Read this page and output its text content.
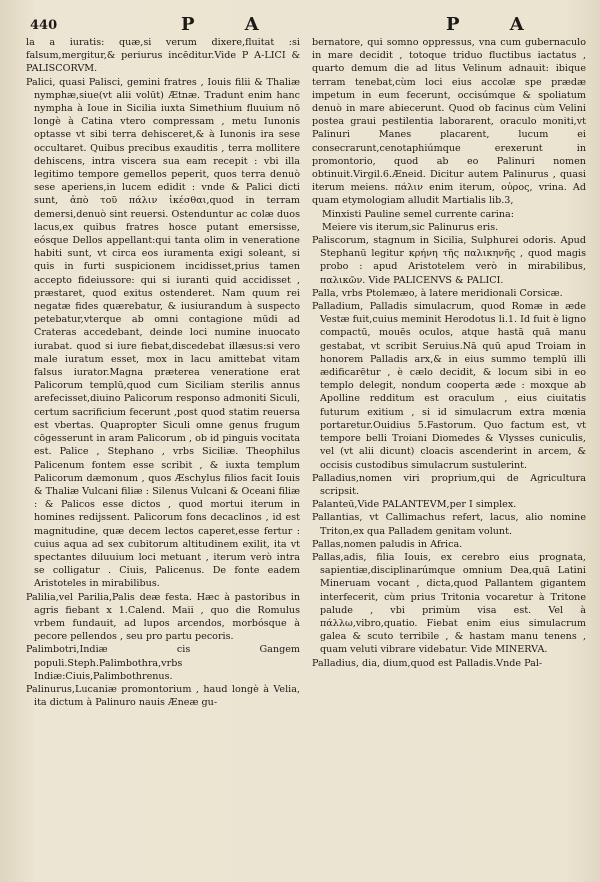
440	P A	P A

la a iuratis: quæ,si verum dixere,fluitat :si falsum,mergitur,& periurus incēditur.Vide P A-LICI & PALISCORVM.

Palici, quasi Palisci, gemini fratres , Iouis filii & Thaliæ nymphæ,siue(vt alii volūt) Ætnæ. Tradunt enim hanc nympha à Ioue in Sicilia iuxta Simethium fluuium nō longè à Catina vtero compressam , metu Iunonis optasse vt sibi terra dehisceret,& à Iunonis ira sese occultaret. Quibus precibus exauditis , terra mollitere dehiscens, intra viscera sua eam recepit : vbi illa legitimo tempore gemellos peperit, quos terra denuò sese aperiens,in lucem edidit : vnde & Palici dicti sunt, ἀπὸ τοῦ πάλιν ἱκέσθαι,quod in terram demersi,denuò sint reuersi. Ostenduntur ac colæ duos lacus,ex quibus fratres hosce putant emersisse, eósque Dellos appellant:qui tanta olim in veneratione habiti sunt, vt circa eos iuramenta exigi soleant, si quis in furti suspicionem incidisset,prius tamen accepto fideiussore: qui si iuranti quid accidisset , præstaret, quod exitus ostenderet. Nam quum rei negatæ fides quærebatur, & iusiurandum à suspecto petebatur,vterque ab omni contagione mūdi ad Crateras accedebant, deinde loci numine inuocato iurabat. quod si iure fiebat,discedebat illæsus:si vero male iuratum esset, mox in lacu amittebat vitam falsus iurator.Magna præterea veneratione erat Palicorum templū,quod cum Siciliam sterilis annus arefecisset,diuino Palicorum responso admoniti Siculi, certum sacrificium fecerunt ,post quod statim reuersa est vbertas. Quapropter Siculi omne genus frugum cōgesserunt in aram Palicorum , ob id pinguis vocitata est. Palice , Stephano , vrbs Siciliæ. Theophilus Palicenum fontem esse scribit , & iuxta templum Palicorum dæmonum , quos Æschylus filios facit Iouis & Thaliæ Vulcani filiæ : Silenus Vulcani & Oceani filiæ : & Palicos esse dictos , quod mortui iterum in homines redijssent. Palicorum fons decaclinos , id est magnitudine, quæ decem lectos caperet,esse fertur : cuius aqua ad sex cubitorum altitudinem exilit, ita vt spectantes diluuium loci metuant , iterum verò intra se colligatur . Ciuis, Palicenus. De fonte eadem Aristoteles in mirabilibus.

Palilia,vel Parilia,Palis deæ festa. Hæc à pastoribus in agris fiebant x 1.Calend. Maii , quo die Romulus vrbem fundauit, ad lupos arcendos, morbósque à pecore pellendos , seu pro partu pecoris.

Palimbotri,Indiæ cis Gangem populi.Steph.Palimbothra,vrbs Indiæ:Ciuis,Palimbothrenus.

Palinurus,Lucaniæ promontorium , haud longè à Velia, ita dictum à Palinuro nauis Æneæ gu-

bernatore, qui somno oppressus, vna cum gubernaculo in mare decidit , totoque triduo fluctibus iactatus , quarto demum die ad litus Velinum adnauit: ibique terram tenebat,cùm loci eius accolæ spe prædæ impetum in eum fecerunt, occisúmque & spoliatum denuò in mare abiecerunt. Quod ob facinus cùm Velini postea graui pestilentia laborarent, oraculo moniti,vt Palinuri Manes placarent, lucum ei consecrarunt,cenotaphiúmque erexerunt in promontorio, quod ab eo Palinuri nomen obtinuit.Virgil.6.Æneid. Dicitur autem Palinurus , quasi iterum meiens. πάλιν enim iterum, οὐρος, vrina. Ad quam etymologiam alludit Martialis lib.3,

Minxisti Pauline semel currente carina:

Meiere vis iterum,sic Palinurus eris.

Paliscorum, stagnum in Sicilia, Sulphurei odoris. Apud Stephanū legitur κρήνη τῆς παλικηνῆς , quod magis probo : apud Aristotelem verò in mirabilibus, παλικῶν. Vide PALICENVS & PALICI.

Palla, vrbs Ptolemæo, à latere meridionali Corsicæ.

Palladium, Palladis simulacrum, quod Romæ in æde Vestæ fuit,cuius meminit Herodotus li.1. Id fuit è ligno compactū, mouēs oculos, atque hastā quā manu gestabat, vt scribit Seruius.Nā quū apud Troiam in honorem Palladis arx,& in eius summo templū illi ædificarētur , è cælo decidit, & locum sibi in eo templo delegit, nondum cooperta æde : moxque ab Apolline redditum est oraculum , eius ciuitatis futurum exitium , si id simulacrum extra mœnia portaretur.Ouidius 5.Fastorum. Quo factum est, vt tempore belli Troiani Diomedes & Vlysses cuniculis, vel (vt alii dicunt) cloacis ascenderint in arcem, & occisis custodibus simulacrum sustulerint.

Palladius,nomen viri proprium,qui de Agricultura scripsit.

Palanteū,Vide PALANTEVM,per I simplex.

Pallantias, vt Callimachus refert, lacus, alio nomine Triton,ex qua Palladem genitam volunt.

Pallas,nomen paludis in Africa.

Pallas,adis, filia Iouis, ex cerebro eius prognata, sapientiæ,disciplinarúmque omnium Dea,quā Latini Mineruam vocant , dicta,quod Pallantem gigantem interfecerit, cùm prius Tritonia vocaretur à Tritone palude , vbi primùm visa est. Vel à πάλλω,vibro,quatio. Fiebat enim eius simulacrum galea & scuto terribile , & hastam manu tenens , quam veluti vibrare videbatur. Vide MINERVA.

Palladius, dia, dium,quod est Palladis.Vnde Pal-
